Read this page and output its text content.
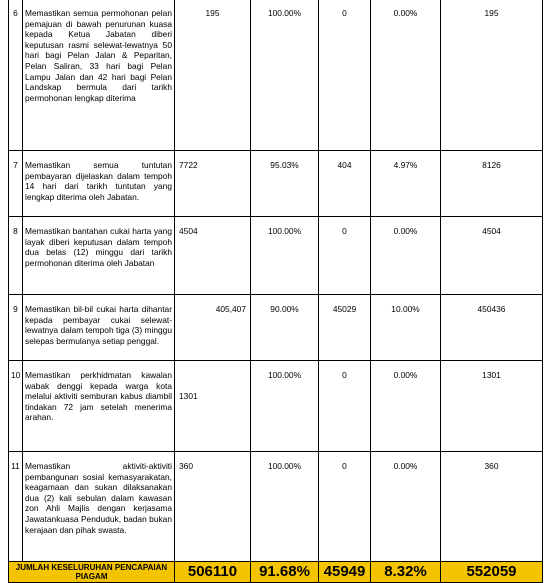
6	Memastikan semua permohonan pelan pemajuan di bawah penurunan kuasa kepada Ketua Jabatan diberi keputusan rasmi selewat-lewatnya 50 hari bagi Pelan Jalan & Peparitan, Pelan Saliran, 33 hari bagi Pelan Lampu Jalan dan 42 hari bagi Pelan Landskap bermula dari tarikh permohonan lengkap diterima	195	100.00%	0	0.00%	195
7	Memastikan semua tuntutan pembayaran dijelaskan dalam tempoh 14 hari dari tarikh tuntutan yang lengkap diterima oleh Jabatan.	7722	95.03%	404	4.97%	8126
8	Memastikan bantahan cukai harta yang layak diberi keputusan dalam tempoh dua belas (12) minggu dari tarikh permohonan diterima oleh Jabatan	4504	100.00%	0	0.00%	4504
9	Memastikan bil-bil cukai harta dihantar kepada pembayar cukai selewat-lewatnya dalam tempoh tiga (3) minggu selepas bermulanya setiap penggal.	405,407	90.00%	45029	10.00%	450436
10	Memastikan perkhidmatan kawalan wabak denggi kepada warga kota melalui aktiviti semburan kabus diambil tindakan 72 jam setelah menerima arahan.	1301	100.00%	0	0.00%	1301
11	Memastikan aktiviti-aktiviti pembangunan sosial kemasyarakatan, keagamaan dan sukan dilaksanakan dua (2) kali sebulan dalam kawasan zon Ahli Majlis dengan kerjasama Jawatankuasa Penduduk, badan bukan kerajaan dan pihak swasta.	360	100.00%	0	0.00%	360
JUMLAH KESELURUHAN PENCAPAIAN PIAGAM		506110	91.68%	45949	8.32%	552059
